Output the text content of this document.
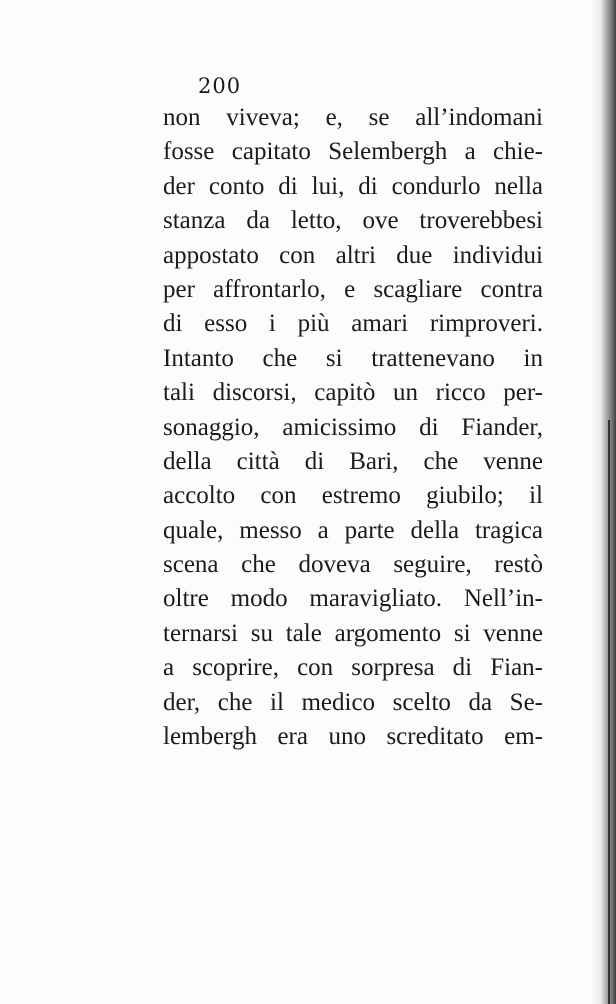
200
non viveva; e, se all’indomani
fosse capitato Selembergh a chie-
der conto di lui, di condurlo nella
stanza da letto, ove troverebbesi
appostato con altri due individui
per affrontarlo, e scagliare contra
di esso i più amari rimproveri.
Intanto che si trattenevano in
tali discorsi, capitò un ricco per-
sonaggio, amicissimo di Fiander,
della città di Bari, che venne
accolto con estremo giubilo; il
quale, messo a parte della tragica
scena che doveva seguire, restò
oltre modo maravigliato. Nell’in-
ternarsi su tale argomento si venne
a scoprire, con sorpresa di Fian-
der, che il medico scelto da Se-
lembergh era uno screditato em-
